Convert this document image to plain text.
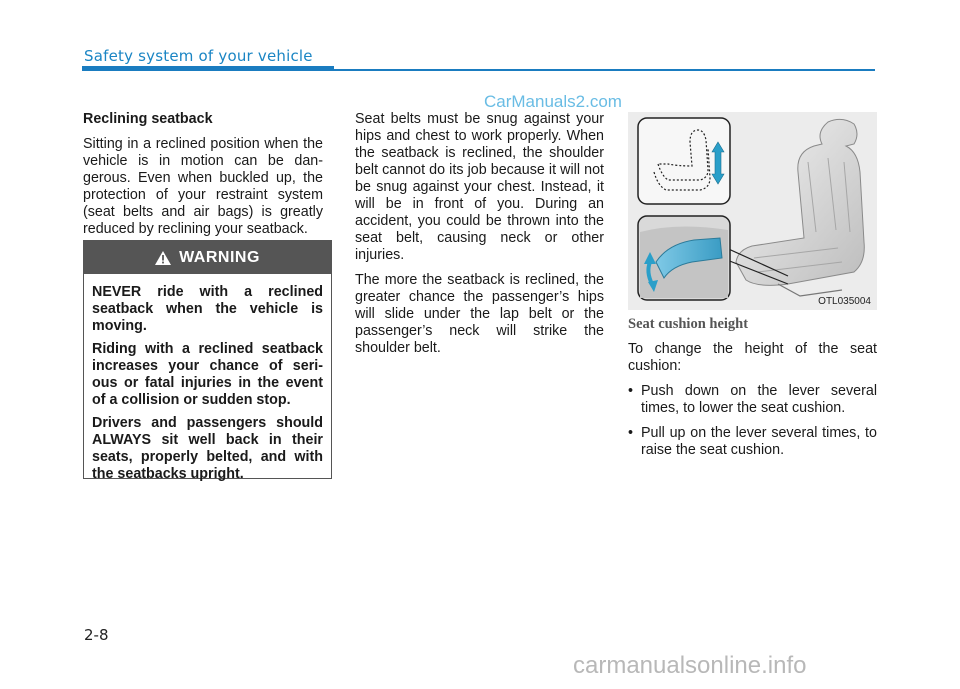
Safety system of your vehicle
CarManuals2.com

Reclining seatback

Sitting in a reclined position when the vehicle is in motion can be dan-gerous. Even when buckled up, the protection of your restraint system (seat belts and air bags) is greatly reduced by reclining your seatback.

WARNING

NEVER ride with a reclined seatback when the vehicle is moving.

Riding with a reclined seatback increases your chance of seri-ous or fatal injuries in the event of a collision or sudden stop.

Drivers and passengers should ALWAYS sit well back in their seats, properly belted, and with the seatbacks upright.

Seat belts must be snug against your hips and chest to work properly. When the seatback is reclined, the shoulder belt cannot do its job because it will not be snug against your chest. Instead, it will be in front of you. During an accident, you could be thrown into the seat belt, causing neck or other injuries.

The more the seatback is reclined, the greater chance the passenger’s hips will slide under the lap belt or the passenger’s neck will strike the shoulder belt.

OTL035004

Seat cushion height

To change the height of the seat cushion:

• Push down on the lever several times, to lower the seat cushion.
• Pull up on the lever several times, to raise the seat cushion.
2-8
carmanualsonline.info
